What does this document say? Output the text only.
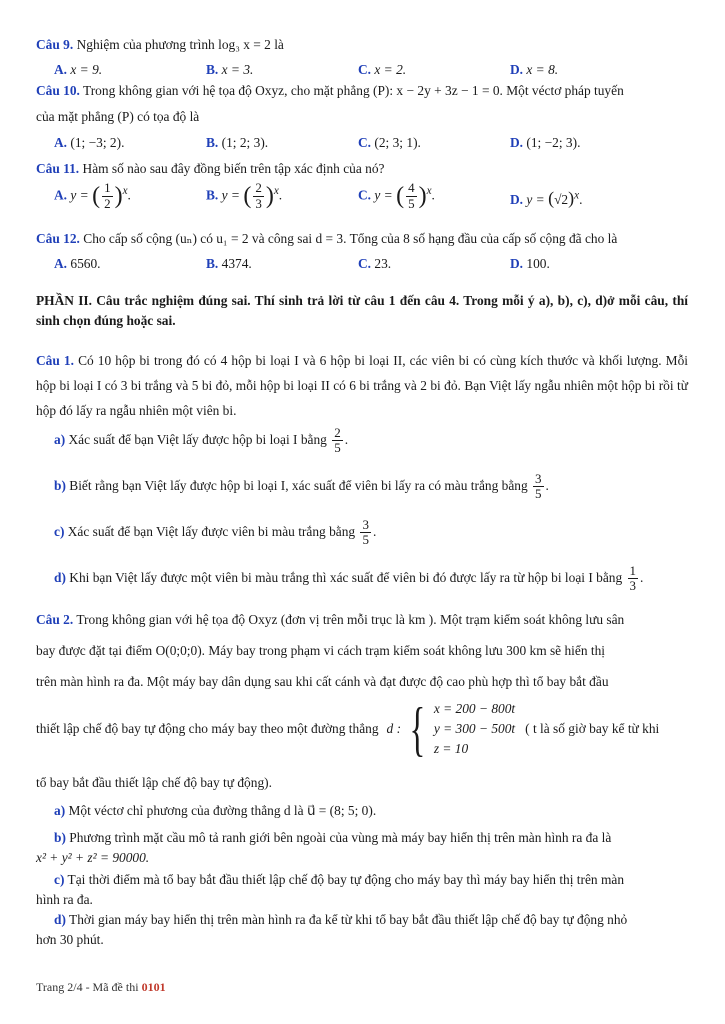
Câu 9. Nghiệm của phương trình log₃ x = 2 là
A. x = 9.	B. x = 3.	C. x = 2.	D. x = 8.
Câu 10. Trong không gian với hệ tọa độ Oxyz, cho mặt phẳng (P): x − 2y + 3z − 1 = 0. Một véctơ pháp tuyến
của mặt phẳng (P) có tọa độ là
A. (1; −3; 2).	B. (1; 2; 3).	C. (2; 3; 1).	D. (1; −2; 3).
Câu 11. Hàm số nào sau đây đồng biến trên tập xác định của nó?
A. y = ( $\frac{1}{2} )^x$.	B. y = ( $\frac{2}{3} )^x$.	C. y = ( $\frac{4}{5} )^x$.	D. $y = (√2)^x$.
Câu 12. Cho cấp số cộng (uₙ) có u₁ = 2 và công sai d = 3. Tổng của 8 số hạng đầu của cấp số cộng đã cho là
A. 6560.	B. 4374.	C. 23.	D. 100.
PHẦN II. Câu trắc nghiệm đúng sai. Thí sinh trả lời từ câu 1 đến câu 4. Trong mỗi ý a), b), c), d)ở mỗi câu, thí sinh chọn đúng hoặc sai.
Câu 1. Có 10 hộp bi trong đó có 4 hộp bi loại I và 6 hộp bi loại II, các viên bi có cùng kích thước và khối lượng. Mỗi hộp bi loại I có 3 bi trắng và 5 bi đỏ, mỗi hộp bi loại II có 6 bi trắng và 2 bi đỏ. Bạn Việt lấy ngẫu nhiên một hộp bi rồi từ hộp đó lấy ra ngẫu nhiên một viên bi.
a) Xác suất để bạn Việt lấy được hộp bi loại I bằng $\frac{2}{5}$ .
b) Biết rằng bạn Việt lấy được hộp bi loại I, xác suất để viên bi lấy ra có màu trắng bằng $\frac{3}{5}$ .
c) Xác suất để bạn Việt lấy được viên bi màu trắng bằng $\frac{3}{5}$ .
d) Khi bạn Việt lấy được một viên bi màu trắng thì xác suất để viên bi đó được lấy ra từ hộp bi loại I bằng $\frac{1}{3}$ .
Câu 2. Trong không gian với hệ tọa độ Oxyz (đơn vị trên mỗi trục là km ). Một trạm kiểm soát không lưu sân
bay được đặt tại điểm O(0;0;0). Máy bay trong phạm vi cách trạm kiểm soát không lưu 300 km sẽ hiển thị
trên màn hình ra đa. Một máy bay dân dụng sau khi cất cánh và đạt được độ cao phù hợp thì tổ bay bắt đầu
thiết lập chế độ bay tự động cho máy bay theo một đường thẳng d : { x = 200 − 800t
y = 300 − 500t
z = 10
( t là số giờ bay kể từ khi
tổ bay bắt đầu thiết lập chế độ bay tự động).
a) Một véctơ chỉ phương của đường thẳng d là u⃗ = (8; 5; 0).
b) Phương trình mặt cầu mô tả ranh giới bên ngoài của vùng mà máy bay hiển thị trên màn hình ra đa là
x² + y² + z² = 90000.
c) Tại thời điểm mà tổ bay bắt đầu thiết lập chế độ bay tự động cho máy bay thì máy bay hiển thị trên màn
hình ra đa.
d) Thời gian máy bay hiển thị trên màn hình ra đa kể từ khi tổ bay bắt đầu thiết lập chế độ bay tự động nhỏ
hơn 30 phút.
Trang 2/4 - Mã đề thi 0101
